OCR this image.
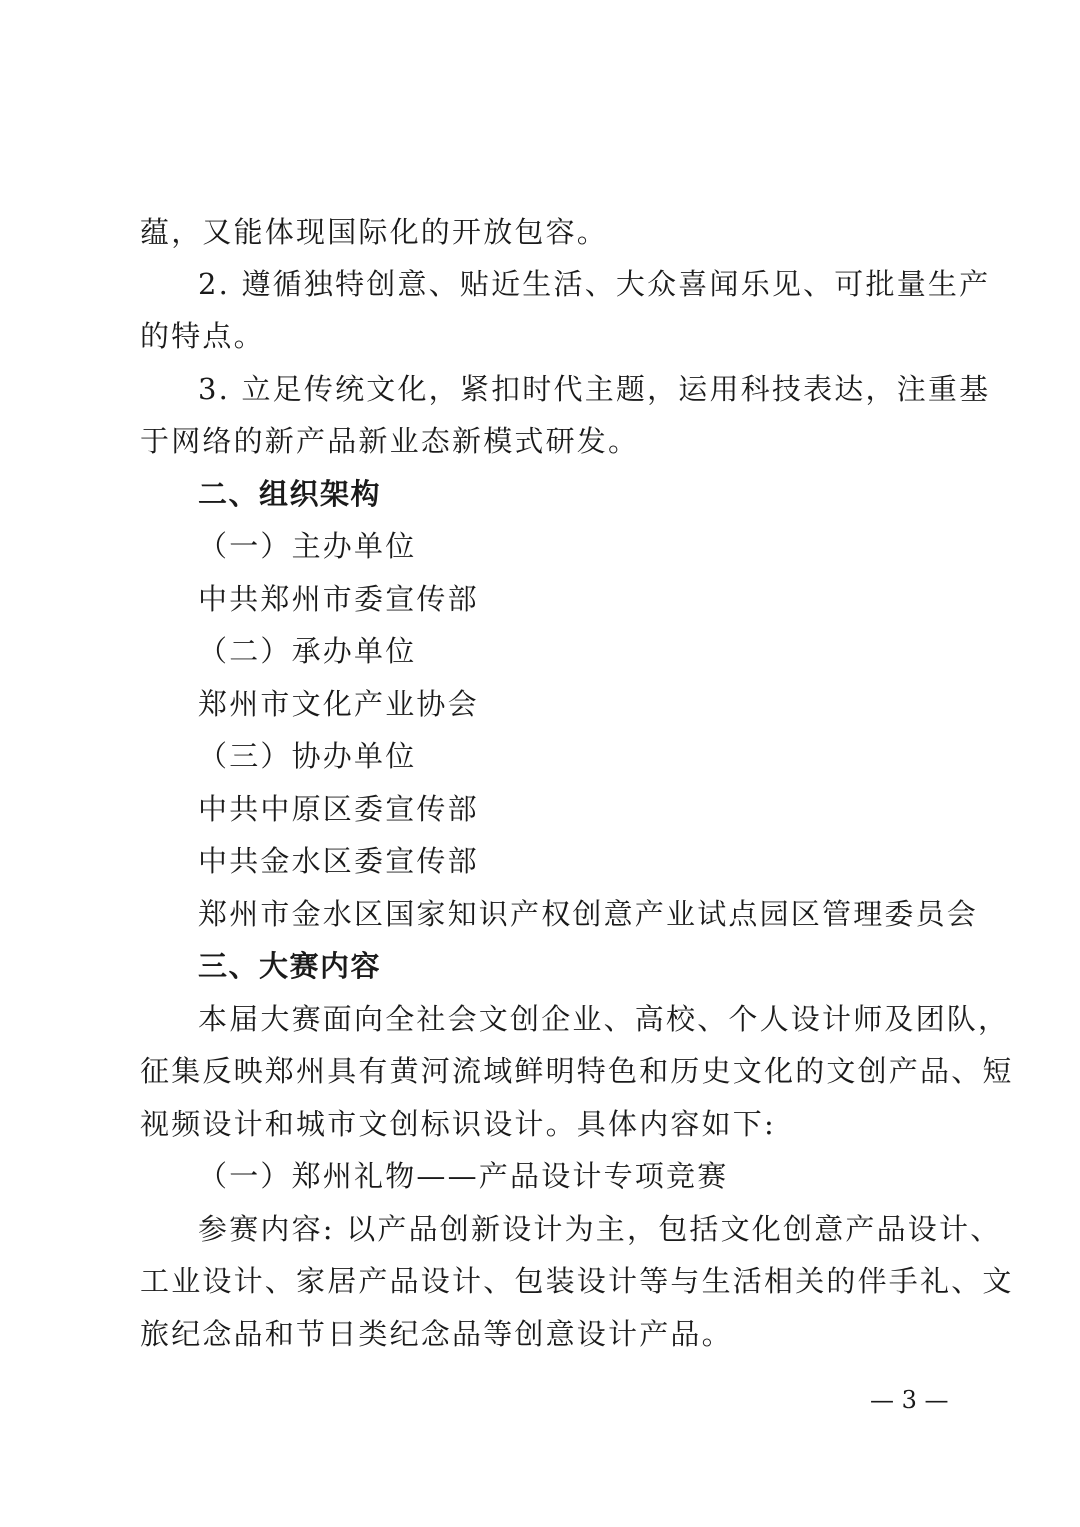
蕴，又能体现国际化的开放包容。
2. 遵循独特创意、贴近生活、大众喜闻乐见、可批量生产
的特点。
3. 立足传统文化，紧扣时代主题，运用科技表达，注重基
于网络的新产品新业态新模式研发。
二、组织架构
（一）主办单位
中共郑州市委宣传部
（二）承办单位
郑州市文化产业协会
（三）协办单位
中共中原区委宣传部
中共金水区委宣传部
郑州市金水区国家知识产权创意产业试点园区管理委员会
三、大赛内容
本届大赛面向全社会文创企业、高校、个人设计师及团队，
征集反映郑州具有黄河流域鲜明特色和历史文化的文创产品、短
视频设计和城市文创标识设计。具体内容如下:
（一）郑州礼物——产品设计专项竞赛
参赛内容: 以产品创新设计为主，包括文化创意产品设计、
工业设计、家居产品设计、包装设计等与生活相关的伴手礼、文
旅纪念品和节日类纪念品等创意设计产品。
— 3 —
